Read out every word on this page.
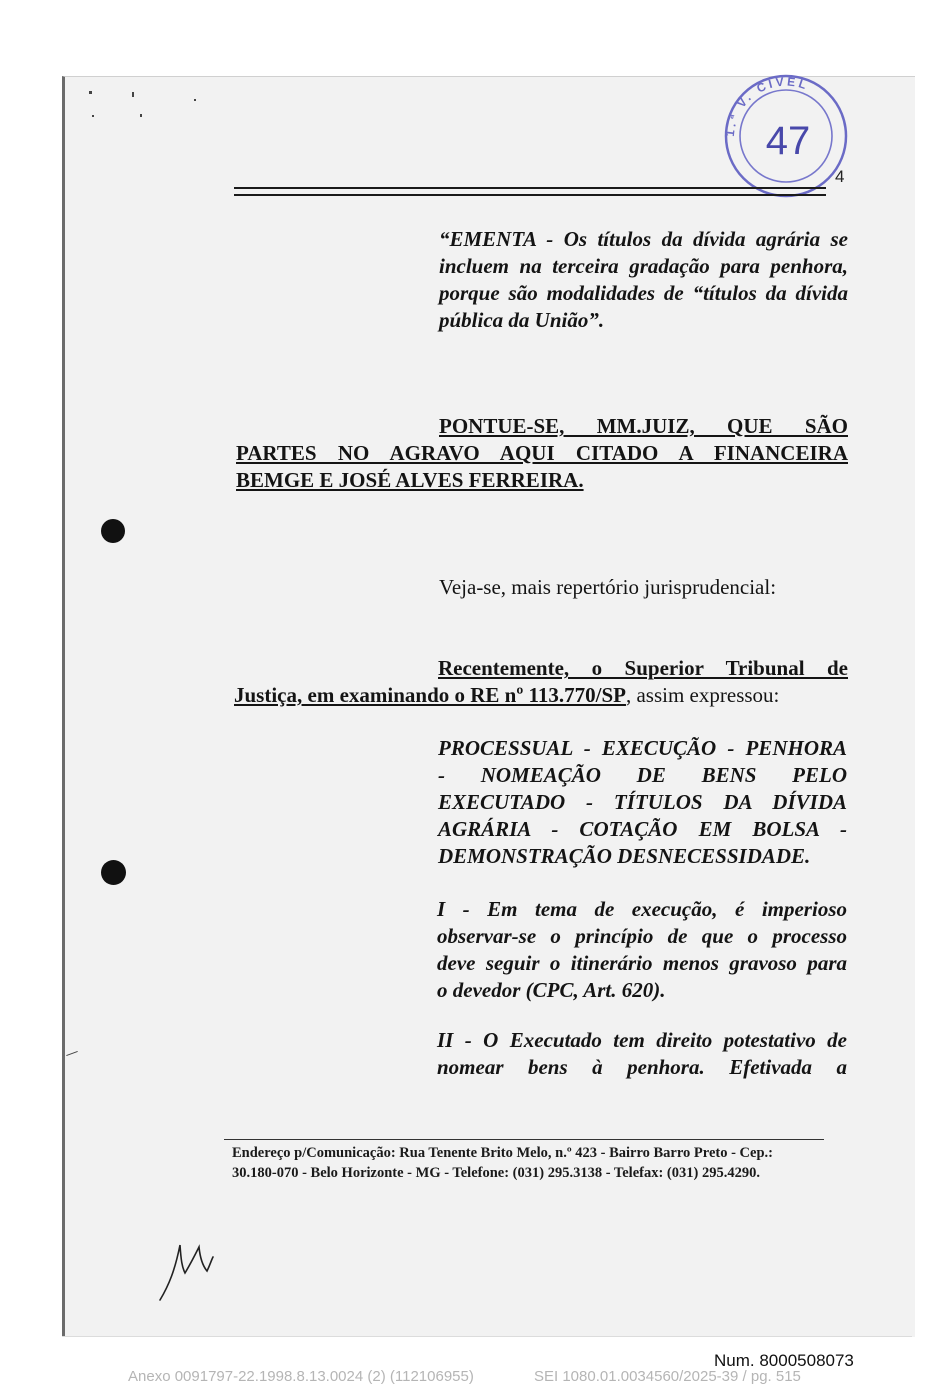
1.ª V. CÍVEL
47
4
“EMENTA - Os títulos da dívida agrária se
incluem na terceira gradação para penhora,
porque são modalidades de “títulos da dívida
pública da União”.
PONTUE-SE, MM.JUIZ, QUE SÃO
PARTES NO AGRAVO AQUI CITADO A FINANCEIRA
BEMGE E JOSÉ ALVES FERREIRA.
Veja-se, mais repertório jurisprudencial:
Recentemente, o Superior Tribunal de
Justiça, em examinando o RE nº 113.770/SP, assim expressou:
PROCESSUAL - EXECUÇÃO - PENHORA
- NOMEAÇÃO DE BENS PELO
EXECUTADO - TÍTULOS DA DÍVIDA
AGRÁRIA - COTAÇÃO EM BOLSA -
DEMONSTRAÇÃO DESNECESSIDADE.
I - Em tema de execução, é imperioso
observar-se o princípio de que o processo
deve seguir o itinerário menos gravoso para
o devedor (CPC, Art. 620).
II - O Executado tem direito potestativo de
nomear bens à penhora. Efetivada a
Endereço p/Comunicação: Rua Tenente Brito Melo, n.º 423 - Bairro Barro Preto - Cep.:
30.180-070 - Belo Horizonte - MG - Telefone: (031) 295.3138 - Telefax: (031) 295.4290.
Num. 8000508073
Anexo 0091797-22.1998.8.13.0024 (2) (112106955)	SEI 1080.01.0034560/2025-39 / pg. 515
